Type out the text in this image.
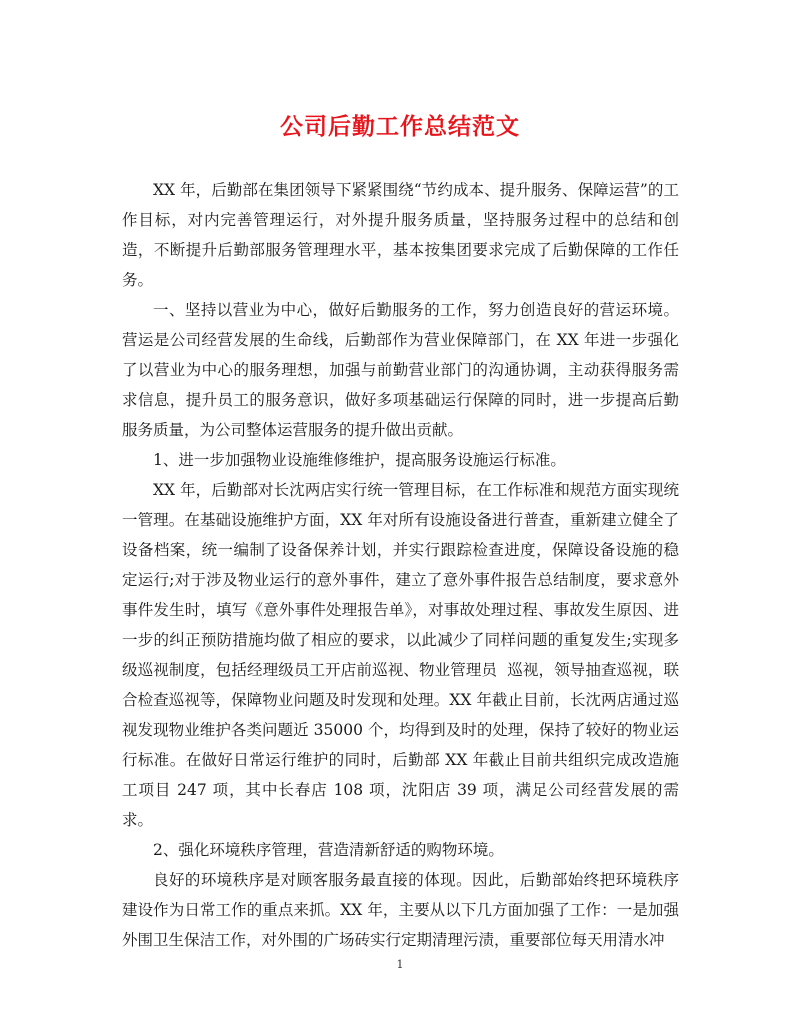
公司后勤工作总结范文

XX 年，后勤部在集团领导下紧紧围绕“节约成本、提升服务、保障运营”的工作目标，对内完善管理运行，对外提升服务质量，坚持服务过程中的总结和创造，不断提升后勤部服务管理理水平，基本按集团要求完成了后勤保障的工作任务。

一、坚持以营业为中心，做好后勤服务的工作，努力创造良好的营运环境。营运是公司经营发展的生命线，后勤部作为营业保障部门，在 XX 年进一步强化了以营业为中心的服务理想，加强与前勤营业部门的沟通协调，主动获得服务需求信息，提升员工的服务意识，做好多项基础运行保障的同时，进一步提高后勤服务质量，为公司整体运营服务的提升做出贡献。

1、进一步加强物业设施维修维护，提高服务设施运行标准。

XX 年，后勤部对长沈两店实行统一管理目标，在工作标准和规范方面实现统一管理。在基础设施维护方面，XX 年对所有设施设备进行普查，重新建立健全了设备档案，统一编制了设备保养计划，并实行跟踪检查进度，保障设备设施的稳定运行;对于涉及物业运行的意外事件，建立了意外事件报告总结制度，要求意外事件发生时，填写《意外事件处理报告单》，对事故处理过程、事故发生原因、进一步的纠正预防措施均做了相应的要求，以此减少了同样问题的重复发生;实现多级巡视制度，包括经理级员工开店前巡视、物业管理员  巡视，领导抽查巡视，联合检查巡视等，保障物业问题及时发现和处理。XX 年截止目前，长沈两店通过巡视发现物业维护各类问题近 35000 个，均得到及时的处理，保持了较好的物业运行标准。在做好日常运行维护的同时，后勤部 XX 年截止目前共组织完成改造施工项目 247 项，其中长春店 108 项，沈阳店 39 项，满足公司经营发展的需求。

2、强化环境秩序管理，营造清新舒适的购物环境。

良好的环境秩序是对顾客服务最直接的体现。因此，后勤部始终把环境秩序建设作为日常工作的重点来抓。XX 年，主要从以下几方面加强了工作：一是加强外围卫生保洁工作，对外围的广场砖实行定期清理污渍，重要部位每天用清水冲

1
